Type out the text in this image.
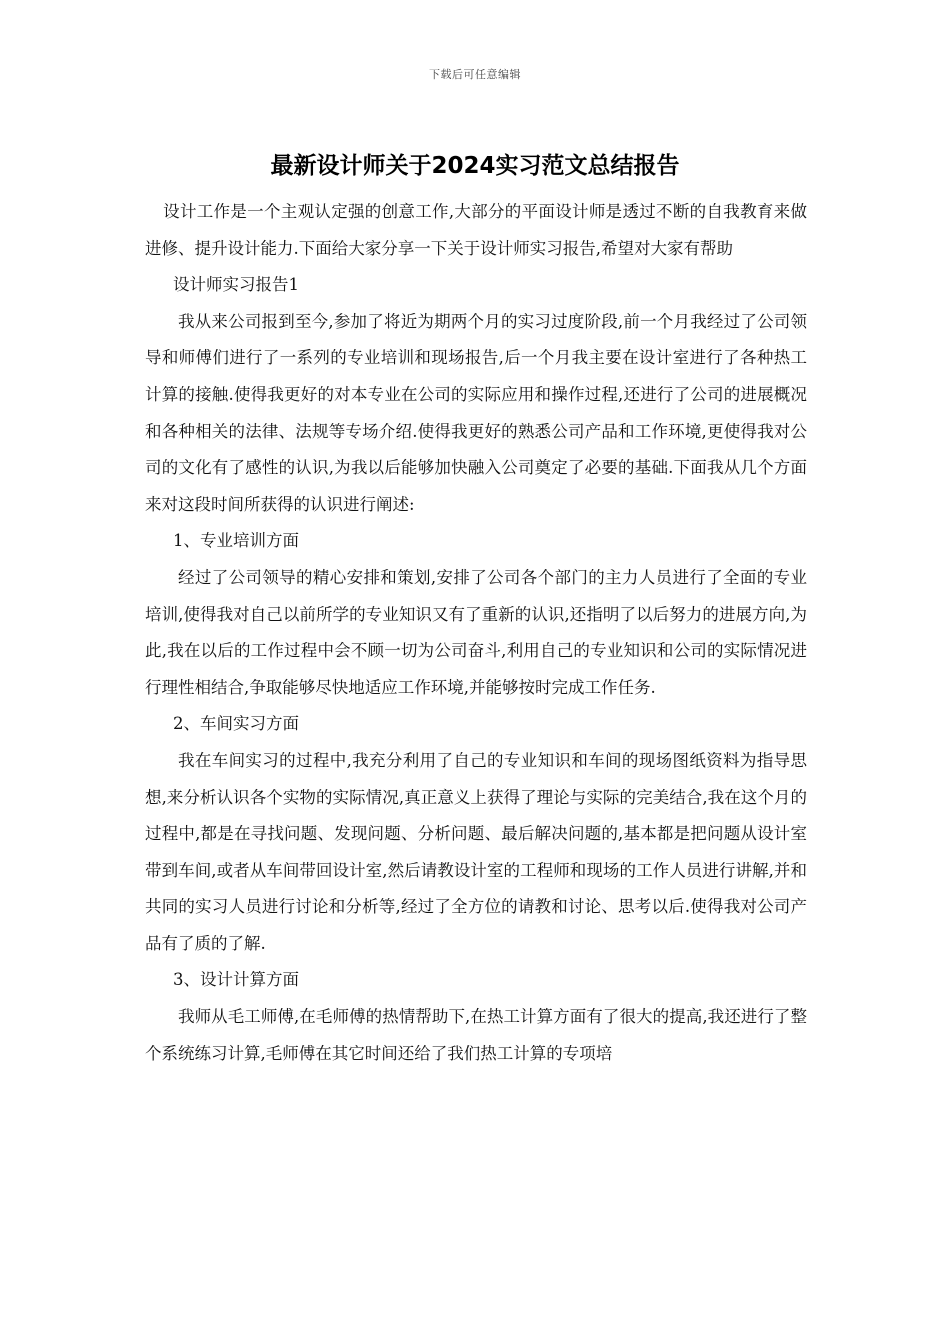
下载后可任意编辑
最新设计师关于2024实习范文总结报告

设计工作是一个主观认定强的创意工作,大部分的平面设计师是透过不断的自我教育来做进修、提升设计能力.下面给大家分享一下关于设计师实习报告,希望对大家有帮助

设计师实习报告1

我从来公司报到至今,参加了将近为期两个月的实习过度阶段,前一个月我经过了公司领导和师傅们进行了一系列的专业培训和现场报告,后一个月我主要在设计室进行了各种热工计算的接触.使得我更好的对本专业在公司的实际应用和操作过程,还进行了公司的进展概况和各种相关的法律、法规等专场介绍.使得我更好的熟悉公司产品和工作环境,更使得我对公司的文化有了感性的认识,为我以后能够加快融入公司奠定了必要的基础.下面我从几个方面来对这段时间所获得的认识进行阐述:

1、专业培训方面

经过了公司领导的精心安排和策划,安排了公司各个部门的主力人员进行了全面的专业培训,使得我对自己以前所学的专业知识又有了重新的认识,还指明了以后努力的进展方向,为此,我在以后的工作过程中会不顾一切为公司奋斗,利用自己的专业知识和公司的实际情况进行理性相结合,争取能够尽快地适应工作环境,并能够按时完成工作任务.

2、车间实习方面

我在车间实习的过程中,我充分利用了自己的专业知识和车间的现场图纸资料为指导思想,来分析认识各个实物的实际情况,真正意义上获得了理论与实际的完美结合,我在这个月的过程中,都是在寻找问题、发现问题、分析问题、最后解决问题的,基本都是把问题从设计室带到车间,或者从车间带回设计室,然后请教设计室的工程师和现场的工作人员进行讲解,并和共同的实习人员进行讨论和分析等,经过了全方位的请教和讨论、思考以后.使得我对公司产品有了质的了解.

3、设计计算方面

我师从毛工师傅,在毛师傅的热情帮助下,在热工计算方面有了很大的提高,我还进行了整个系统练习计算,毛师傅在其它时间还给了我们热工计算的专项培
